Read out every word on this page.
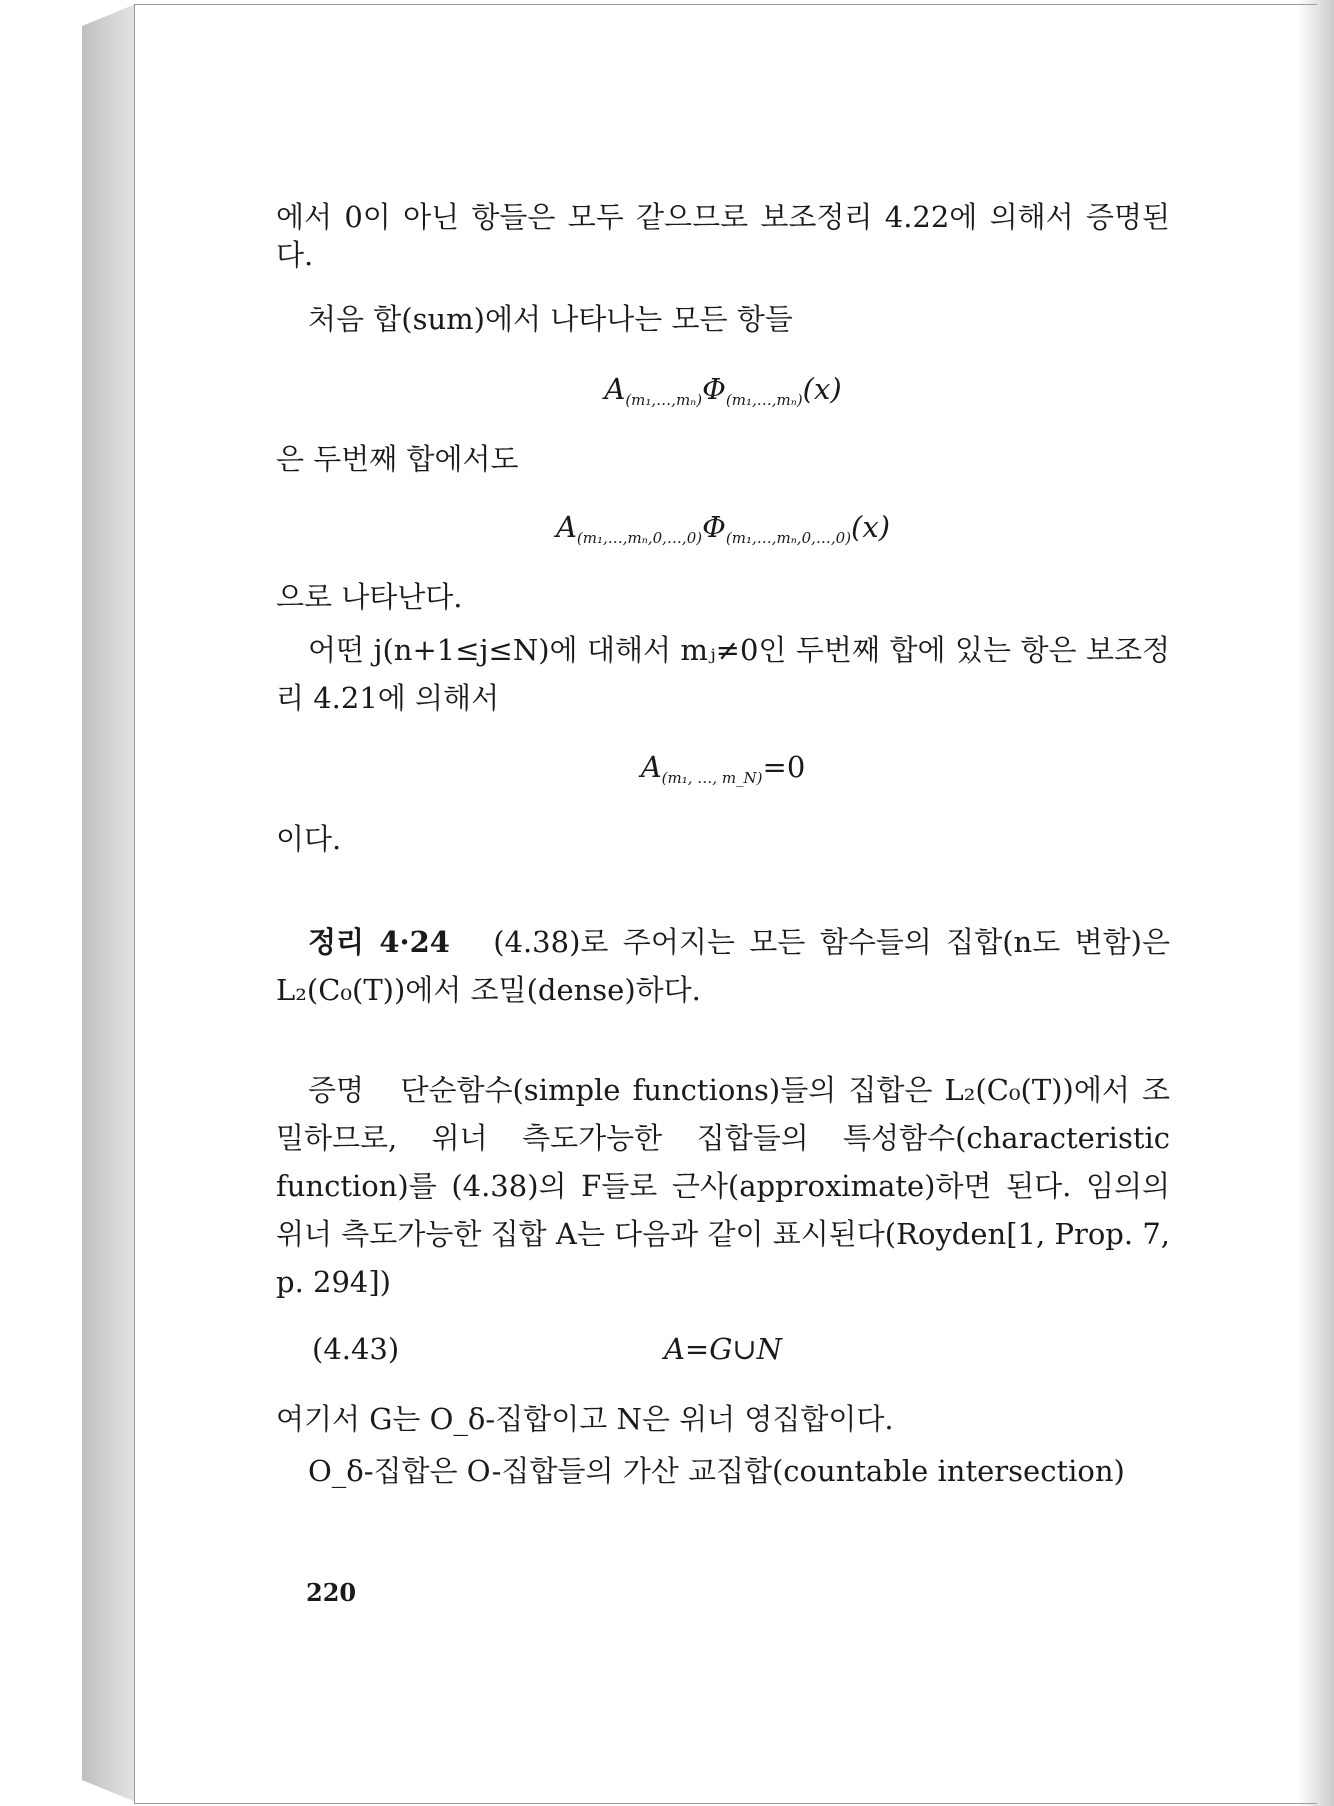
에서 0이 아닌 항들은 모두 같으므로 보조정리 4.22에 의해서 증명된다.
처음 합(sum)에서 나타나는 모든 항들
$A_{(m_1,\dots,m_n)}\Phi_{(m_1,\dots,m_n)}(x)$
은 두번째 합에서도
$A_{(m_1,\dots,m_n,0,\dots,0)}\Phi_{(m_1,\dots,m_n,0,\dots,0)}(x)$
으로 나타난다.
어떤 j(n+1≤j≤N)에 대해서 mⱼ≠0인 두번째 합에 있는 항은 보조정리 4.21에 의해서
$A_{(m_1, \dots, m\_N)}=0$
이다.
정리 4·24 (4.38)로 주어지는 모든 함수들의 집합(n도 변함)은 L₂(C₀(T))에서 조밀(dense)하다.
증명 단순함수(simple functions)들의 집합은 L₂(C₀(T))에서 조밀하므로, 위너 측도가능한 집합들의 특성함수(characteristic function)를 (4.38)의 F들로 근사(approximate)하면 된다. 임의의 위너 측도가능한 집합 A는 다음과 같이 표시된다(Royden[1, Prop. 7, p. 294])
(4.43)	A=G∪N
여기서 G는 O_δ-집합이고 N은 위너 영집합이다.
O_δ-집합은 O-집합들의 가산 교집합(countable intersection)
220
